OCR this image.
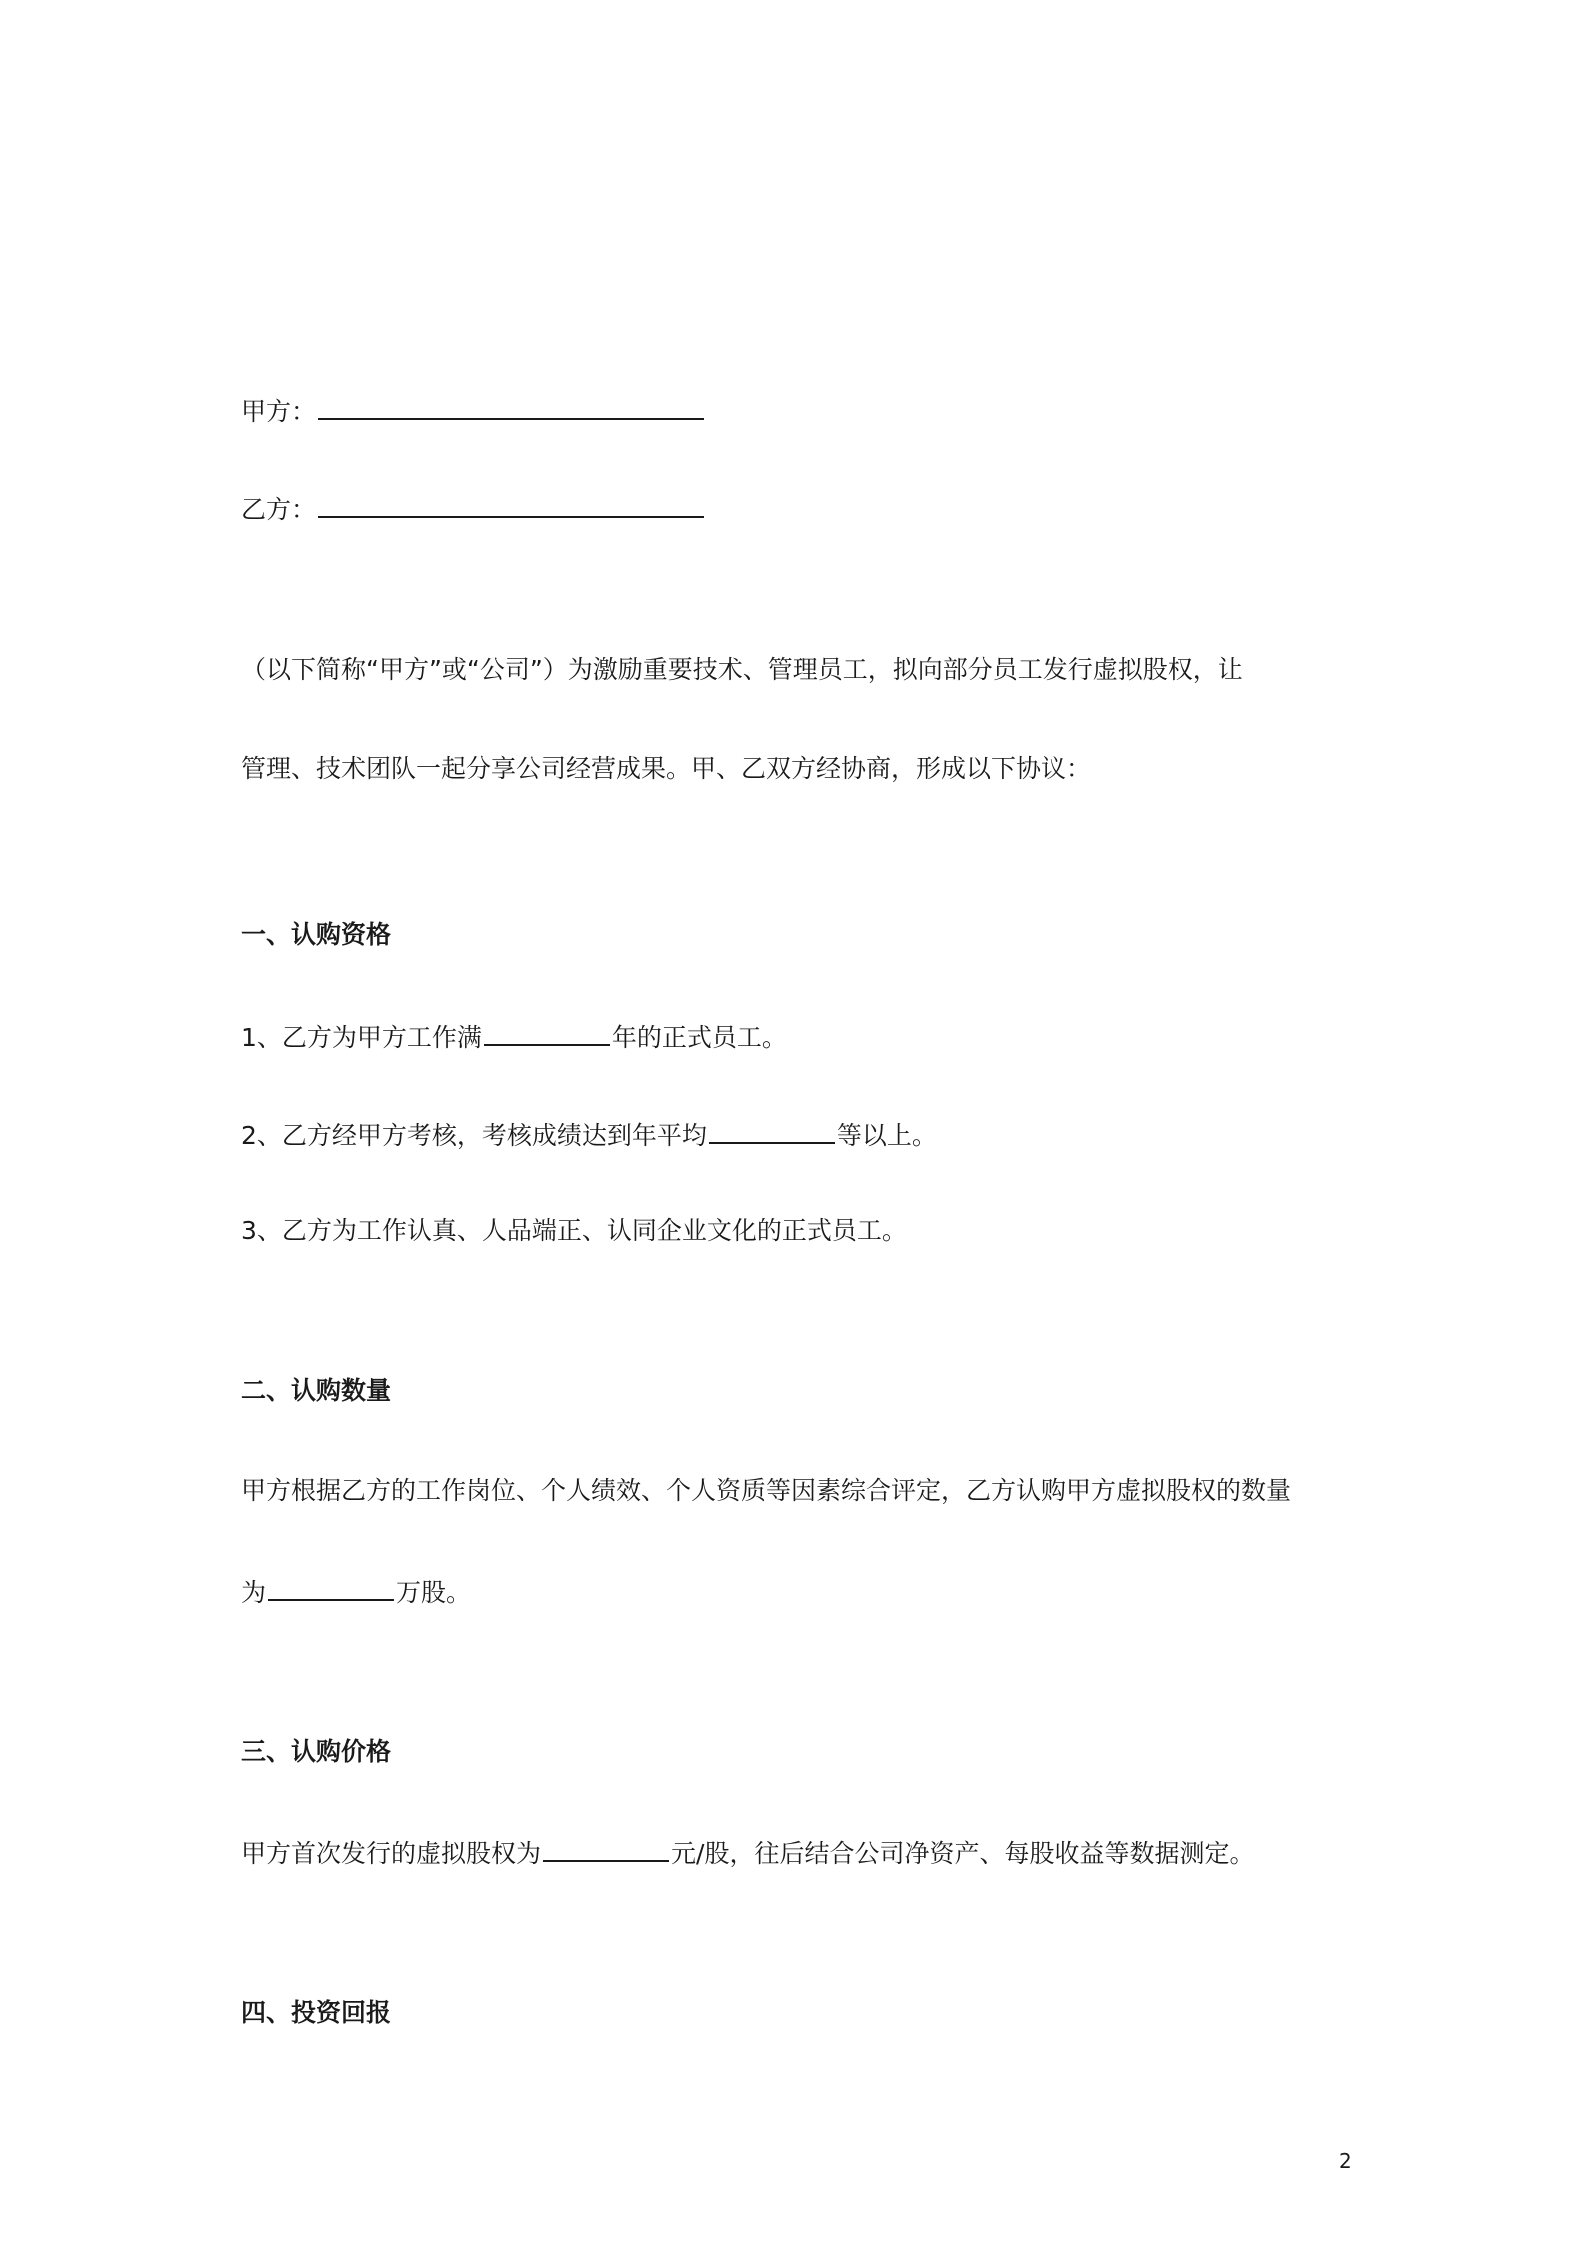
甲方：
乙方：
（以下简称“甲方”或“公司”）为激励重要技术、管理员工，拟向部分员工发行虚拟股权，让
管理、技术团队一起分享公司经营成果。甲、乙双方经协商，形成以下协议：
一、认购资格
1、乙方为甲方工作满	年的正式员工。
2、乙方经甲方考核，考核成绩达到年平均	等以上。
3、乙方为工作认真、人品端正、认同企业文化的正式员工。
二、认购数量
甲方根据乙方的工作岗位、个人绩效、个人资质等因素综合评定，乙方认购甲方虚拟股权的数量
为	万股。
三、认购价格
甲方首次发行的虚拟股权为	元/股，往后结合公司净资产、每股收益等数据测定。
四、投资回报
2
